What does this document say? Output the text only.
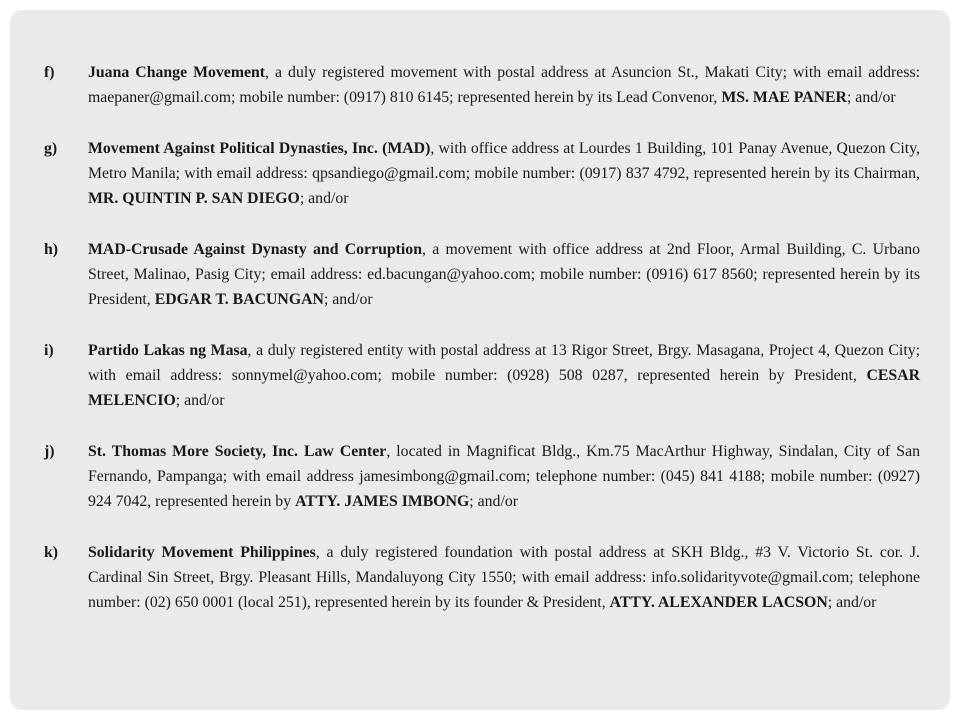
f) Juana Change Movement, a duly registered movement with postal address at Asuncion St., Makati City; with email address: maepaner@gmail.com; mobile number: (0917) 810 6145; represented herein by its Lead Convenor, MS. MAE PANER; and/or
g) Movement Against Political Dynasties, Inc. (MAD), with office address at Lourdes 1 Building, 101 Panay Avenue, Quezon City, Metro Manila; with email address: qpsandiego@gmail.com; mobile number: (0917) 837 4792, represented herein by its Chairman, MR. QUINTIN P. SAN DIEGO; and/or
h) MAD-Crusade Against Dynasty and Corruption, a movement with office address at 2nd Floor, Armal Building, C. Urbano Street, Malinao, Pasig City; email address: ed.bacungan@yahoo.com; mobile number: (0916) 617 8560; represented herein by its President, EDGAR T. BACUNGAN; and/or
i) Partido Lakas ng Masa, a duly registered entity with postal address at 13 Rigor Street, Brgy. Masagana, Project 4, Quezon City; with email address: sonnymel@yahoo.com; mobile number: (0928) 508 0287, represented herein by President, CESAR MELENCIO; and/or
j) St. Thomas More Society, Inc. Law Center, located in Magnificat Bldg., Km.75 MacArthur Highway, Sindalan, City of San Fernando, Pampanga; with email address jamesimbong@gmail.com; telephone number: (045) 841 4188; mobile number: (0927) 924 7042, represented herein by ATTY. JAMES IMBONG; and/or
k) Solidarity Movement Philippines, a duly registered foundation with postal address at SKH Bldg., #3 V. Victorio St. cor. J. Cardinal Sin Street, Brgy. Pleasant Hills, Mandaluyong City 1550; with email address: info.solidarityvote@gmail.com; telephone number: (02) 650 0001 (local 251), represented herein by its founder & President, ATTY. ALEXANDER LACSON; and/or
